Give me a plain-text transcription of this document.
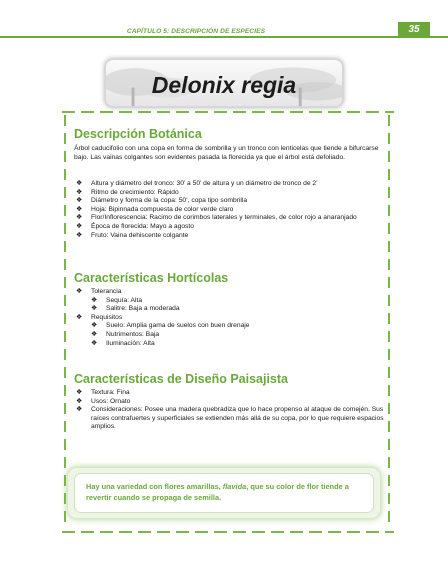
CAPÍTULO 5: DESCRIPCIÓN DE ESPECIES	35
Delonix regia
Descripción Botánica
Árbol caducifolio con una copa en forma de sombrilla y un tronco con lenticelas que tiende a bifurcarse bajo. Las vainas colgantes son evidentes pasada la florecida ya que el árbol está defoliado.
❖ Altura y diámetro del tronco: 30’ a 50’ de altura y un diámetro de tronco de 2’
❖ Ritmo de crecimiento: Rápido
❖ Diámetro y forma de la copa: 50’, copa tipo sombrilla
❖ Hoja: Bipinnada compuesta de color verde claro
❖ Flor/Inflorescencia: Racimo de corimbos laterales y terminales, de color rojo a anaranjado
❖ Época de florecida: Mayo a agosto
❖ Fruto: Vaina dehiscente colgante
Características Hortícolas
❖ Tolerancia
❖ Sequía: Alta
❖ Salitre: Baja a moderada
❖ Requisitos
❖ Suelo: Amplia gama de suelos con buen drenaje
❖ Nutrimentos: Baja
❖ Iluminación: Alta
Características de Diseño Paisajista
❖ Textura: Fina
❖ Usos: Ornato
❖ Consideraciones: Posee una madera quebradiza que lo hace propenso al ataque de comején. Sus raíces contrafuertes y superficiales se extienden más allá de su copa, por lo que requiere espacios amplios.
Hay una variedad con flores amarillas, flavida, que su color de flor tiende a revertir cuando se propaga de semilla.
